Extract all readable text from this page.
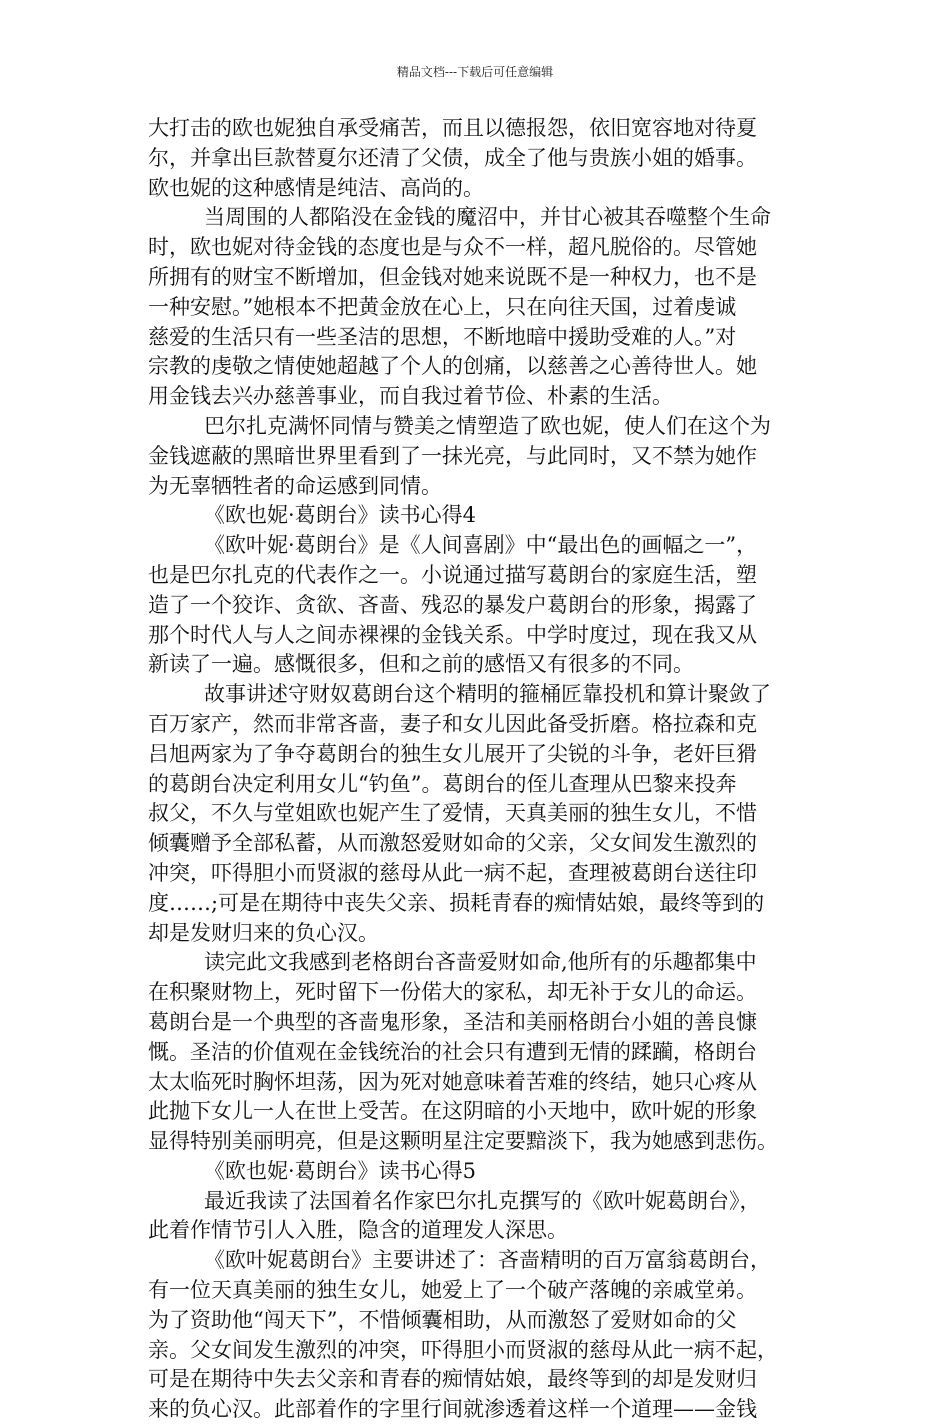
精品文档---下载后可任意编辑
大打击的欧也妮独自承受痛苦，而且以德报怨，依旧宽容地对待夏
尔，并拿出巨款替夏尔还清了父债，成全了他与贵族小姐的婚事。
欧也妮的这种感情是纯洁、高尚的。
当周围的人都陷没在金钱的魔沼中，并甘心被其吞噬整个生命
时，欧也妮对待金钱的态度也是与众不一样，超凡脱俗的。尽管她
所拥有的财宝不断增加，但金钱对她来说既不是一种权力，也不是
一种安慰。”她根本不把黄金放在心上，只在向往天国，过着虔诚
慈爱的生活只有一些圣洁的思想，不断地暗中援助受难的人。”对
宗教的虔敬之情使她超越了个人的创痛，以慈善之心善待世人。她
用金钱去兴办慈善事业，而自我过着节俭、朴素的生活。
巴尔扎克满怀同情与赞美之情塑造了欧也妮，使人们在这个为
金钱遮蔽的黑暗世界里看到了一抹光亮，与此同时，又不禁为她作
为无辜牺牲者的命运感到同情。
《欧也妮·葛朗台》读书心得4
《欧叶妮·葛朗台》是《人间喜剧》中“最出色的画幅之一”，
也是巴尔扎克的代表作之一。小说通过描写葛朗台的家庭生活，塑
造了一个狡诈、贪欲、吝啬、残忍的暴发户葛朗台的形象，揭露了
那个时代人与人之间赤裸裸的金钱关系。中学时度过，现在我又从
新读了一遍。感慨很多，但和之前的感悟又有很多的不同。
故事讲述守财奴葛朗台这个精明的箍桶匠靠投机和算计聚敛了
百万家产，然而非常吝啬，妻子和女儿因此备受折磨。格拉森和克
吕旭两家为了争夺葛朗台的独生女儿展开了尖锐的斗争，老奸巨猾
的葛朗台决定利用女儿“钓鱼”。葛朗台的侄儿查理从巴黎来投奔
叔父，不久与堂姐欧也妮产生了爱情，天真美丽的独生女儿，不惜
倾囊赠予全部私蓄，从而激怒爱财如命的父亲，父女间发生激烈的
冲突，吓得胆小而贤淑的慈母从此一病不起，查理被葛朗台送往印
度……;可是在期待中丧失父亲、损耗青春的痴情姑娘，最终等到的
却是发财归来的负心汉。
读完此文我感到老格朗台吝啬爱财如命,他所有的乐趣都集中
在积聚财物上，死时留下一份偌大的家私，却无补于女儿的命运。
葛朗台是一个典型的吝啬鬼形象，圣洁和美丽格朗台小姐的善良慷
慨。圣洁的价值观在金钱统治的社会只有遭到无情的蹂躏，格朗台
太太临死时胸怀坦荡，因为死对她意味着苦难的终结，她只心疼从
此抛下女儿一人在世上受苦。在这阴暗的小天地中，欧叶妮的形象
显得特别美丽明亮，但是这颗明星注定要黯淡下，我为她感到悲伤。
《欧也妮·葛朗台》读书心得5
最近我读了法国着名作家巴尔扎克撰写的《欧叶妮葛朗台》，
此着作情节引人入胜，隐含的道理发人深思。
《欧叶妮葛朗台》主要讲述了：吝啬精明的百万富翁葛朗台，
有一位天真美丽的独生女儿，她爱上了一个破产落魄的亲戚堂弟。
为了资助他“闯天下”，不惜倾囊相助，从而激怒了爱财如命的父
亲。父女间发生激烈的冲突，吓得胆小而贤淑的慈母从此一病不起，
可是在期待中失去父亲和青春的痴情姑娘，最终等到的却是发财归
来的负心汉。此部着作的字里行间就渗透着这样一个道理——金钱
